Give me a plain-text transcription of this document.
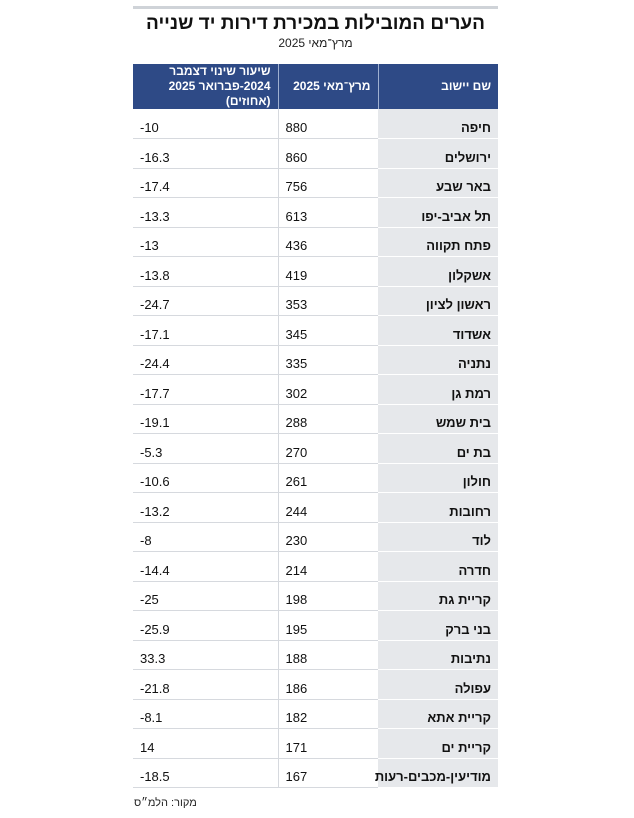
הערים המובילות במכירת דירות יד שנייה
מרץ־מאי 2025
שם יישוב	מרץ־מאי 2025	שיעור שינוי דצמבר 2024-פברואר 2025 (אחוזים)
חיפה	880	-10
ירושלים	860	-16.3
באר שבע	756	-17.4
תל אביב-יפו	613	-13.3
פתח תקווה	436	-13
אשקלון	419	-13.8
ראשון לציון	353	-24.7
אשדוד	345	-17.1
נתניה	335	-24.4
רמת גן	302	-17.7
בית שמש	288	-19.1
בת ים	270	-5.3
חולון	261	-10.6
רחובות	244	-13.2
לוד	230	-8
חדרה	214	-14.4
קריית גת	198	-25
בני ברק	195	-25.9
נתיבות	188	33.3
עפולה	186	-21.8
קריית אתא	182	-8.1
קריית ים	171	14
מודיעין-מכבים-רעות	167	-18.5
מקור: הלמ״ס
